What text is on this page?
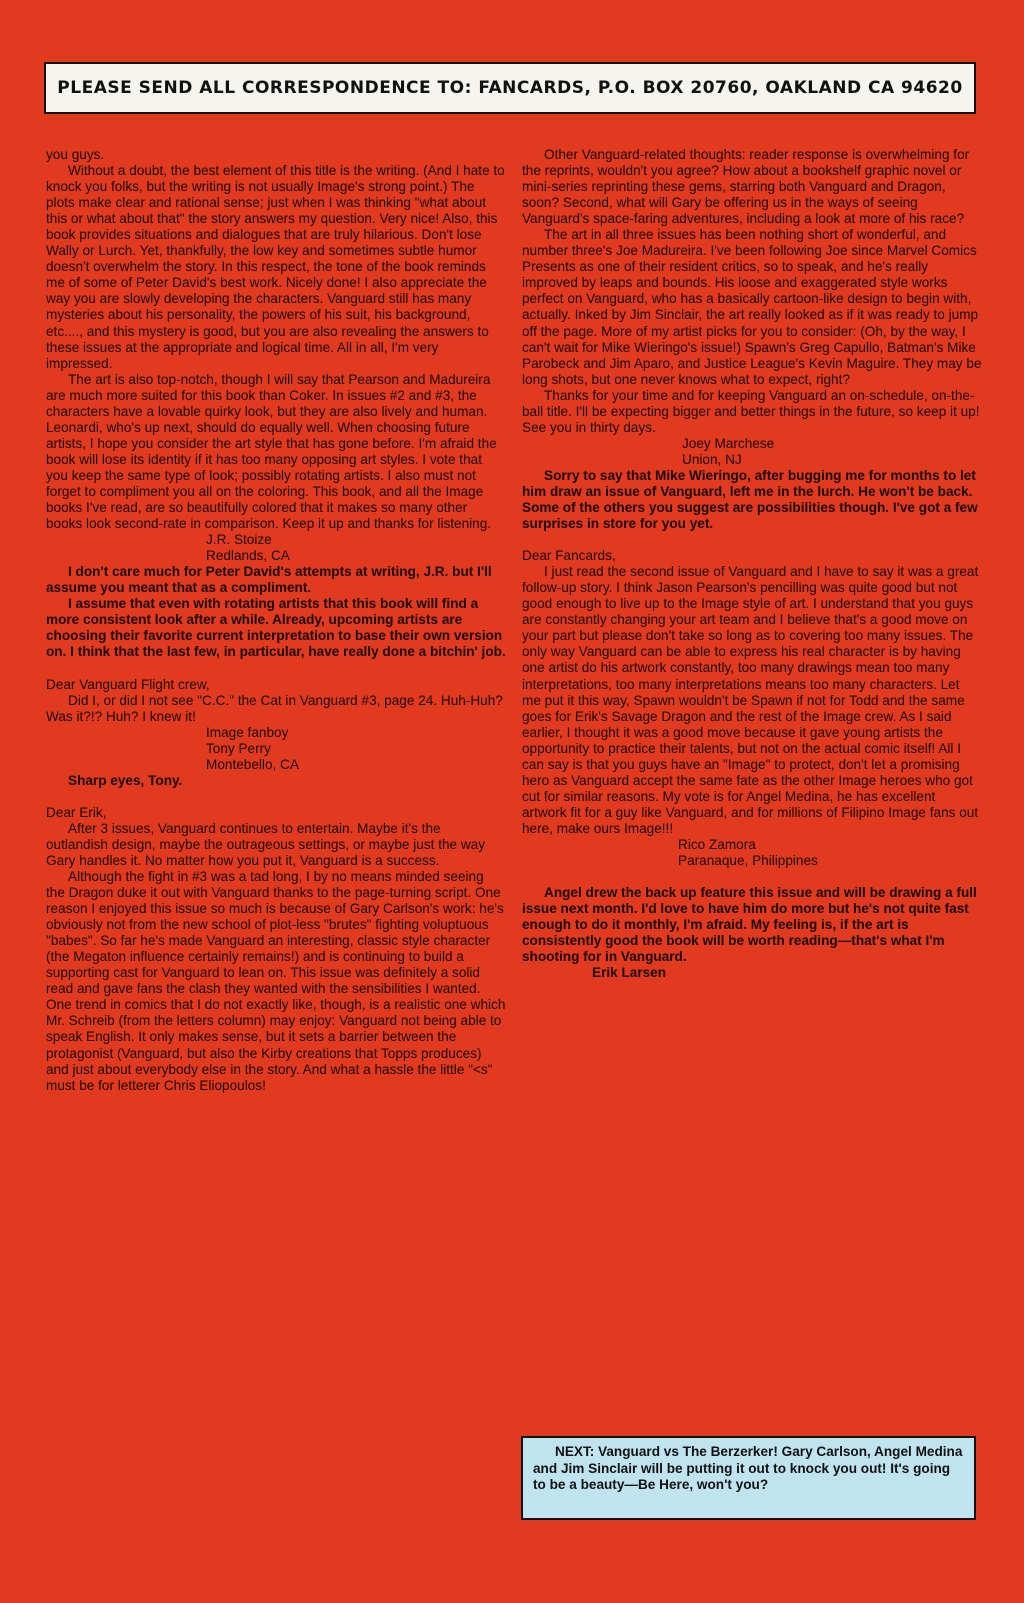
PLEASE SEND ALL CORRESPONDENCE TO: FANCARDS, P.O. BOX 20760, OAKLAND CA 94620

you guys.

Without a doubt, the best element of this title is the writing. (And I hate to knock you folks, but the writing is not usually Image's strong point.) The plots make clear and rational sense; just when I was thinking "what about this or what about that" the story answers my question. Very nice! Also, this book provides situations and dialogues that are truly hilarious. Don't lose Wally or Lurch. Yet, thankfully, the low key and sometimes subtle humor doesn't overwhelm the story. In this respect, the tone of the book reminds me of some of Peter David's best work. Nicely done! I also appreciate the way you are slowly developing the characters. Vanguard still has many mysteries about his personality, the powers of his suit, his background, etc...., and this mystery is good, but you are also revealing the answers to these issues at the appropriate and logical time. All in all, I'm very impressed.

The art is also top-notch, though I will say that Pearson and Madureira are much more suited for this book than Coker. In issues #2 and #3, the characters have a lovable quirky look, but they are also lively and human. Leonardi, who's up next, should do equally well. When choosing future artists, I hope you consider the art style that has gone before. I'm afraid the book will lose its identity if it has too many opposing art styles. I vote that you keep the same type of look; possibly rotating artists. I also must not forget to compliment you all on the coloring. This book, and all the Image books I've read, are so beautifully colored that it makes so many other books look second-rate in comparison. Keep it up and thanks for listening.

J.R. Stoize

Redlands, CA

I don't care much for Peter David's attempts at writing, J.R. but I'll assume you meant that as a compliment.

I assume that even with rotating artists that this book will find a more consistent look after a while. Already, upcoming artists are choosing their favorite current interpretation to base their own version on. I think that the last few, in particular, have really done a bitchin' job.

Dear Vanguard Flight crew,

Did I, or did I not see "C.C." the Cat in Vanguard #3, page 24. Huh-Huh? Was it?!? Huh? I knew it!

Image fanboy

Tony Perry

Montebello, CA

Sharp eyes, Tony.

Dear Erik,

After 3 issues, Vanguard continues to entertain. Maybe it's the outlandish design, maybe the outrageous settings, or maybe just the way Gary handles it. No matter how you put it, Vanguard is a success.

Although the fight in #3 was a tad long, I by no means minded seeing the Dragon duke it out with Vanguard thanks to the page-turning script. One reason I enjoyed this issue so much is because of Gary Carlson's work: he's obviously not from the new school of plot-less "brutes" fighting voluptuous "babes". So far he's made Vanguard an interesting, classic style character (the Megaton influence certainly remains!) and is continuing to build a supporting cast for Vanguard to lean on. This issue was definitely a solid read and gave fans the clash they wanted with the sensibilities I wanted. One trend in comics that I do not exactly like, though, is a realistic one which Mr. Schreib (from the letters column) may enjoy: Vanguard not being able to speak English. It only makes sense, but it sets a barrier between the protagonist (Vanguard, but also the Kirby creations that Topps produces) and just about everybody else in the story. And what a hassle the little "<s" must be for letterer Chris Eliopoulos!

Other Vanguard-related thoughts: reader response is overwhelming for the reprints, wouldn't you agree? How about a bookshelf graphic novel or mini-series reprinting these gems, starring both Vanguard and Dragon, soon? Second, what will Gary be offering us in the ways of seeing Vanguard's space-faring adventures, including a look at more of his race?

The art in all three issues has been nothing short of wonderful, and number three's Joe Madureira. I've been following Joe since Marvel Comics Presents as one of their resident critics, so to speak, and he's really improved by leaps and bounds. His loose and exaggerated style works perfect on Vanguard, who has a basically cartoon-like design to begin with, actually. Inked by Jim Sinclair, the art really looked as if it was ready to jump off the page. More of my artist picks for you to consider: (Oh, by the way, I can't wait for Mike Wieringo's issue!) Spawn's Greg Capullo, Batman's Mike Parobeck and Jim Aparo, and Justice League's Kevin Maguire. They may be long shots, but one never knows what to expect, right?

Thanks for your time and for keeping Vanguard an on-schedule, on-the-ball title. I'll be expecting bigger and better things in the future, so keep it up! See you in thirty days.

Joey Marchese

Union, NJ

Sorry to say that Mike Wieringo, after bugging me for months to let him draw an issue of Vanguard, left me in the lurch. He won't be back. Some of the others you suggest are possibilities though. I've got a few surprises in store for you yet.

Dear Fancards,

I just read the second issue of Vanguard and I have to say it was a great follow-up story. I think Jason Pearson's pencilling was quite good but not good enough to live up to the Image style of art. I understand that you guys are constantly changing your art team and I believe that's a good move on your part but please don't take so long as to covering too many issues. The only way Vanguard can be able to express his real character is by having one artist do his artwork constantly, too many drawings mean too many interpretations, too many interpretations means too many characters. Let me put it this way, Spawn wouldn't be Spawn if not for Todd and the same goes for Erik's Savage Dragon and the rest of the Image crew. As I said earlier, I thought it was a good move because it gave young artists the opportunity to practice their talents, but not on the actual comic itself! All I can say is that you guys have an "Image" to protect, don't let a promising hero as Vanguard accept the same fate as the other Image heroes who got cut for similar reasons. My vote is for Angel Medina, he has excellent artwork fit for a guy like Vanguard, and for millions of Filipino Image fans out here, make ours Image!!!

Rico Zamora

Paranaque, Philippines

Angel drew the back up feature this issue and will be drawing a full issue next month. I'd love to have him do more but he's not quite fast enough to do it monthly, I'm afraid. My feeling is, if the art is consistently good the book will be worth reading—that's what I'm shooting for in Vanguard.

Erik Larsen

NEXT: Vanguard vs The Berzerker! Gary Carlson, Angel Medina and Jim Sinclair will be putting it out to knock you out! It's going to be a beauty—Be Here, won't you?
